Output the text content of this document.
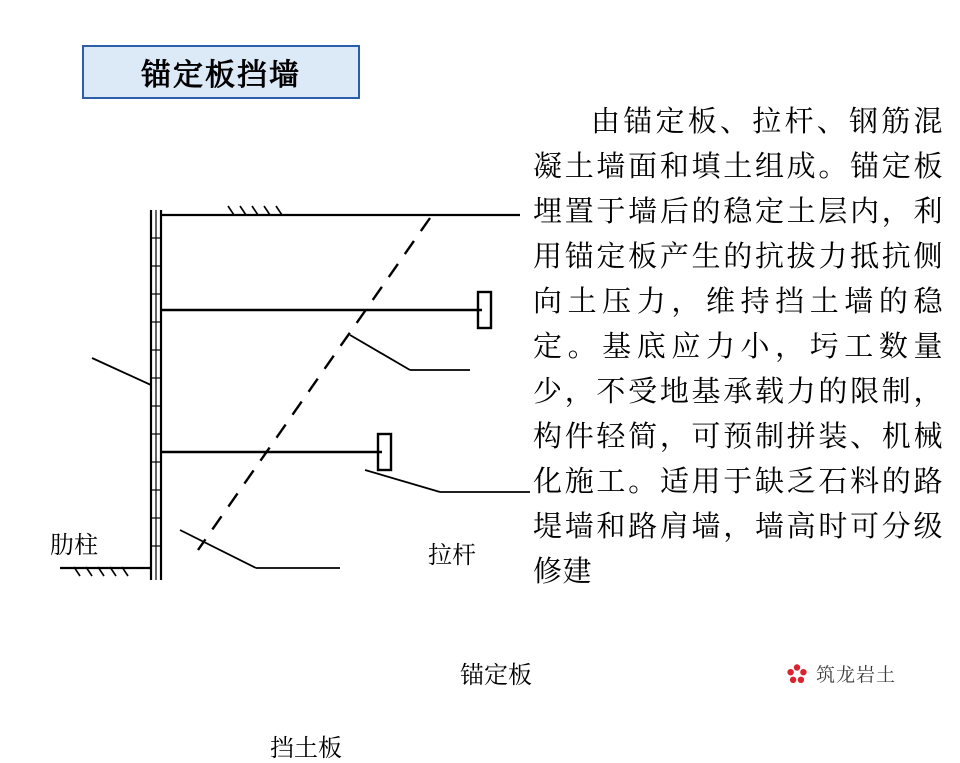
锚定板挡墙
由锚定板、拉杆、钢筋混凝土墙面和填土组成。锚定板埋置于墙后的稳定土层内，利用锚定板产生的抗拔力抵抗侧向土压力，维持挡土墙的稳定。基底应力小，圬工数量少，不受地基承载力的限制，构件轻简，可预制拼装、机械化施工。适用于缺乏石料的路堤墙和路肩墙，墙高时可分级修建
肋柱	拉杆
锚定板
挡土板
筑龙岩土
